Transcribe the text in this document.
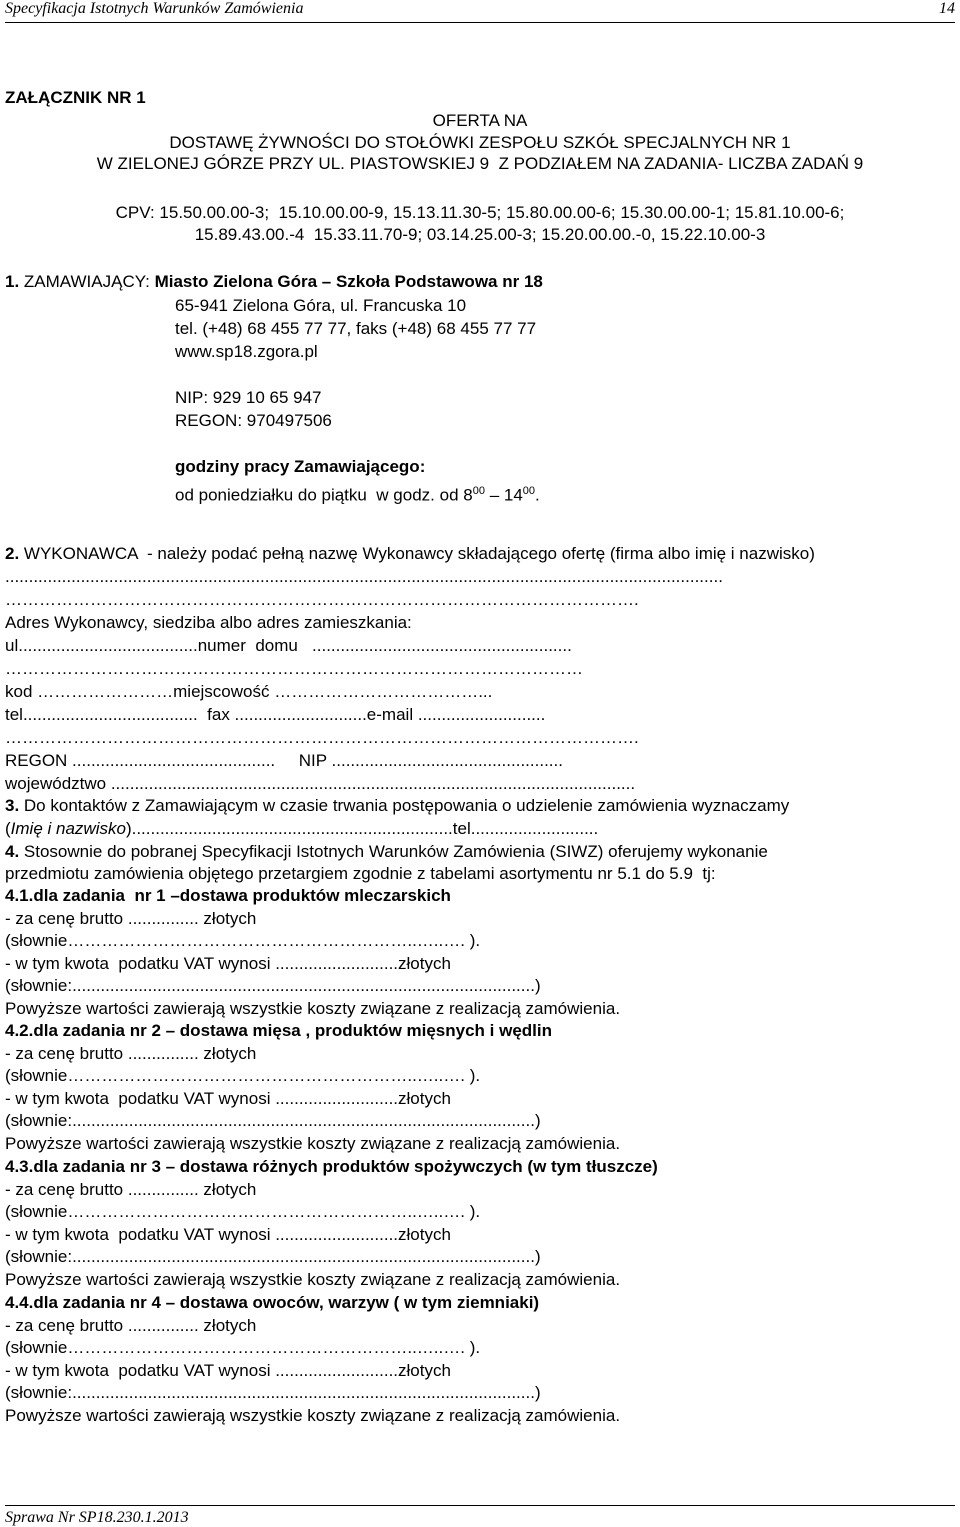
Specyfikacja Istotnych Warunków Zamówienia	14
ZAŁĄCZNIK NR 1
OFERTA NA
DOSTAWĘ ŻYWNOŚCI DO STOŁÓWKI ZESPOŁU SZKÓŁ SPECJALNYCH NR 1
W ZIELONEJ GÓRZE PRZY UL. PIASTOWSKIEJ 9  Z PODZIAŁEM NA ZADANIA- LICZBA ZADAŃ 9
CPV: 15.50.00.00-3;  15.10.00.00-9, 15.13.11.30-5; 15.80.00.00-6; 15.30.00.00-1; 15.81.10.00-6;
15.89.43.00.-4  15.33.11.70-9; 03.14.25.00-3; 15.20.00.00.-0, 15.22.10.00-3
1. ZAMAWIAJĄCY: Miasto Zielona Góra – Szkoła Podstawowa nr 18
65-941 Zielona Góra, ul. Francuska 10
tel. (+48) 68 455 77 77, faks (+48) 68 455 77 77
www.sp18.zgora.pl
NIP: 929 10 65 947
REGON: 970497506
godziny pracy Zamawiającego:
od poniedziałku do piątku  w godz. od $8^{00} - 14^{00}$.
2. WYKONAWCA  - należy podać pełną nazwę Wykonawcy składającego ofertę (firma albo imię i nazwisko)
........................................................................................................................................................
………………………………………………………………………………………………….
Adres Wykonawcy, siedziba albo adres zamieszkania:
ul......................................numer  domu   .......................................................
…………………………………………………………………………………………
kod ……………………miejscowość ………………………………...
tel.....................................  fax ............................e-mail ...........................
………………………………………………………………………………………………….
REGON ...........................................     NIP .................................................
województwo ...............................................................................................................
3. Do kontaktów z Zamawiającym w czasie trwania postępowania o udzielenie zamówienia wyznaczamy
(Imię i nazwisko)....................................................................tel...........................
4. Stosownie do pobranej Specyfikacji Istotnych Warunków Zamówienia (SIWZ) oferujemy wykonanie
przedmiotu zamówienia objętego przetargiem zgodnie z tabelami asortymentu nr 5.1 do 5.9  tj:
4.1.dla zadania  nr 1 –dostawa produktów mleczarskich
- za cenę brutto ............... złotych
(słownie……………………………………………………..…..…. ).
- w tym kwota  podatku VAT wynosi ..........................złotych
(słownie:..................................................................................................)
Powyższe wartości zawierają wszystkie koszty związane z realizacją zamówienia.
4.2.dla zadania nr 2 – dostawa mięsa , produktów mięsnych i wędlin
- za cenę brutto ............... złotych
(słownie……………………………………………………..…..…. ).
- w tym kwota  podatku VAT wynosi ..........................złotych
(słownie:..................................................................................................)
Powyższe wartości zawierają wszystkie koszty związane z realizacją zamówienia.
4.3.dla zadania nr 3 – dostawa różnych produktów spożywczych (w tym tłuszcze)
- za cenę brutto ............... złotych
(słownie……………………………………………………..…..…. ).
- w tym kwota  podatku VAT wynosi ..........................złotych
(słownie:..................................................................................................)
Powyższe wartości zawierają wszystkie koszty związane z realizacją zamówienia.
4.4.dla zadania nr 4 – dostawa owoców, warzyw ( w tym ziemniaki)
- za cenę brutto ............... złotych
(słownie……………………………………………………..…..…. ).
- w tym kwota  podatku VAT wynosi ..........................złotych
(słownie:..................................................................................................)
Powyższe wartości zawierają wszystkie koszty związane z realizacją zamówienia.
Sprawa Nr SP18.230.1.2013
